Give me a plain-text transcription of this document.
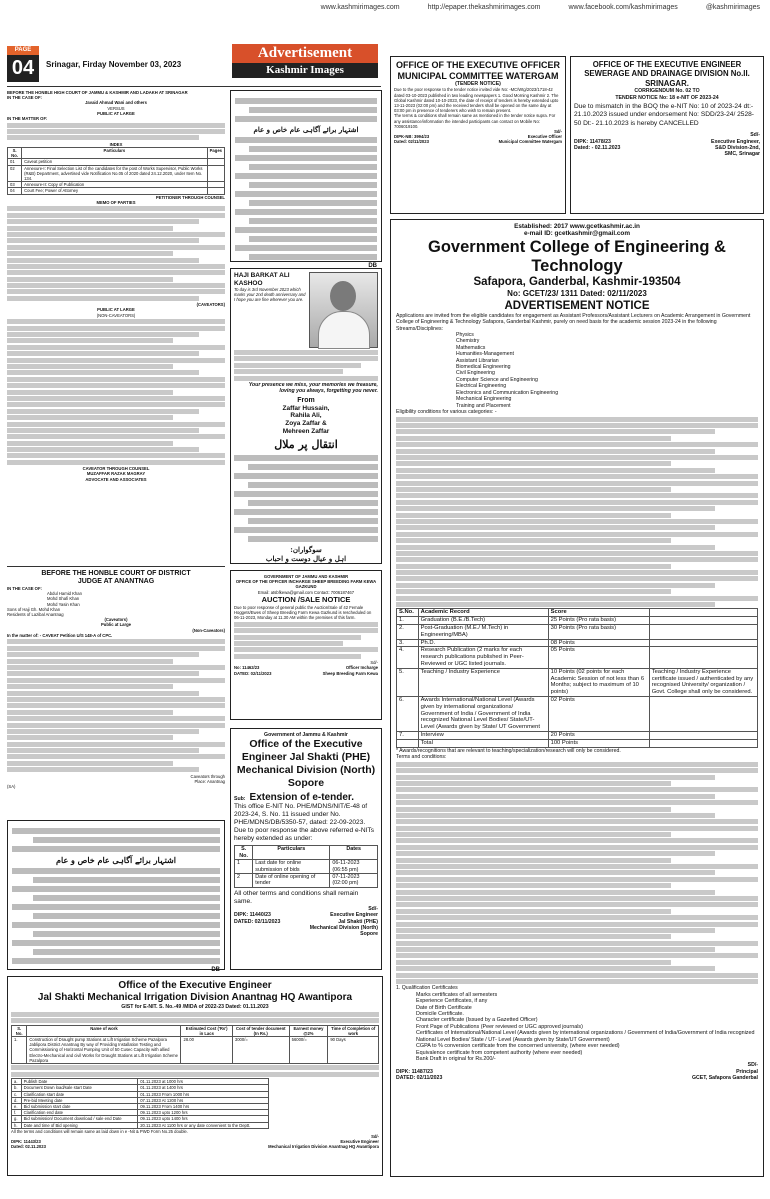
www.kashmirimages.com	http://epaper.thekashmirimages.com	www.facebook.com/kashmirimages	@kashmirimages
PAGE
04	Srinagar, Firday November 03, 2023
Advertisement
Kashmir Images
BEFORE THE HONBLE HIGH COURT OF JAMMU & KASHMIR AND LADAKH AT SRINAGAR
IN THE CASE OF:
Javaid Ahmad Wani and others
VERSUS
PUBLIC AT LARGE
IN THE MATTER OF:
INDEX
S. No.	Particulars	Pages
01	Caveat petition	
02	Annexure-I: Final Selection List of the candidates for the post of Works Supervisor, Public Works (R&B) Department, advertised vide Notification No.05 of 2020 dated 24.12.2020, under Item No. 134.	
03	Annexure-II: Copy of Publication	
04	Court Fee; Power of Attorney	
PETITIONER THROUGH COUNSEL
MEMO OF PARTIES
(CAVEATORS)
PUBLIC AT LARGE
(NON-CAVEATORS)
CAVEATOR THROUGH COUNSEL
MUZAFFAR RAZAK MAGRAY
ADVOCATE AND ASSOCIATES
BEFORE THE HONBLE COURT OF DISTRICT
JUDGE AT ANANTNAG
IN THE CASE OF:
Abdul Hamid Khan
Mohd Shafi Khan
Mohd Yasin Khan
Sons of Haji Gh. Mohd Khan
Residents of Lazibal Anantnag
(Caveators)
Public at Large
(Non-Caveators)
In the matter of: - CAVEAT Petition U/S 148-A of CPC.
Caveators through
Place: Anantnag
(SA)
اشتہار برائے آگاہی عام خاص و عام
DB
اشتہار برائے آگاہی عام خاص و عام
DB
HAJI BARKAT ALI KASHOO
To day is 3rd November 2023 which marks your 2nd death anniversary and I hope you are fine wherever you are.
Your presence we miss, your memories we treasure, loving you always, forgetting you never.
From
Zaffar Hussain,
Rahila Ali,
Zoya Zaffar &
Mehreen Zaffar
انتقال پر ملال
سوگواران:
اہل و عیال دوست و احباب
GOVERNMENT OF JAMMU AND KASHMIR
OFFICE OF THE OFFICER INCHARGE SHEEP BREEDING FARM KEWA GAZKUND
Email: atsbfkewa@gmail.com Contact: 7006187467
AUCTION /SALE NOTICE
Due to poor response of general public the Auction/Sale of 42 Female Hoggets/Ewes of Sheep Breeding Farm Kewa Gazkund is rescheduled on 06-11-2023, Monday at 11.30 AM within the premises of this farm.
Sd/-
No: 11462/23	Officer Incharge
DATED: 02/11/2023	Sheep Breeding Farm Kewa
Government of Jammu & Kashmir
Office of the Executive Engineer Jal Shakti (PHE) Mechanical Division (North) Sopore
Sub: Extension of e-tender.
This office E-NIT No. PHE/MDNS/NIT/E-48 of 2023-24, S. No. 11 issued under No. PHE/MDNS/DB/5350-57, dated: 22-09-2023.
Due to poor response the above referred e-NITs hereby extended as under:
S. No.	Particulars	Dates
1	Last date for online submission of bids	06-11-2023 (06:55 pm)
2	Date of online opening of tender	07-11-2023 (02:00 pm)
All other terms and conditions shall remain same.
Sd/-
DIPK: 11440/23	Executive Engineer
DATED: 02/11/2023	Jal Shakti (PHE)
Mechanical Division (North)
Sopore
Office of the Executive Engineer
Jal Shakti Mechanical Irrigation Division Anantnag HQ Awantipora
GIST for E-NIT. S. No.-49 /MIDA of 2022-23 Dated: 01.11.2023
S. No.	Name of work	Estimated Cost ('Rs') in Lacs	Cost of tender document (In Rs.)	Earnest money @2%	Time of Completion of work
1.	Construction of Draught pump Stations at Lift Irrigation Scheme Pazalpora Jablipora District Anantnag By way of Providing Installation Testing and Commissioning of Horizontal Pumping Unit of 50 Cusec Capacity with allied Electro-Mechanical and civil Works for Draught Stations at Lift Irrigation Scheme Pazalpora	28.00	3000/=	56000/=	90 Days
a.	Publish Date	01.11.2023 at 1000 hrs
b.	Document Down load/sale start Date	01.11.2023 at 1400 hrs
c.	Clarification start date	01.11.2023 From 1000 hrs
d.	Pre-bid Meeting date	07.11.2023 At 1200 hrs
e.	Bid submission start date	09.11.2023 From 1400 hrs
f.	Clarification end date	09.11.2023 upto 1200 hrs
g.	Bid submission/ Document download / sale end Date	09.11.2023 upto 1400 hrs
h.	Date and time of Bid opening	20.11.2023 At 1100 hrs or any date convenient to the Deptt.
All the terms and conditions will remain same as laid down in e -Nit & PWD Form No.25 double.
Sd/-
DIPK: 11443/23	Executive Engineer
Dated: 02.11.2023	Mechanical Irrigation Division Anantnag HQ Awantipora
OFFICE OF THE EXECUTIVE OFFICER MUNICIPAL COMMITTEE WATERGAM
(TENDER NOTICE)
Due to the poor response to the tender notice invited vide No: -MC/Wtg/2023/1718-42 dated 03-10-2023 published in two leading newspapers 1. Good Morning Kashmir 2. The Global Kashmir dated 10-10-2023, the date of receipt of tenders is hereby extended upto 13-11-2023 (02:00 pm) and the received tenders shall be opened on the same day at 03:00 pm in presence of tenderers who wish to remain present.
The terms & conditions shall remain same as mentioned in the tender notice supra. For any assistance/information the intended participants can contact on Mobile No: 7006019100.
Sd/-
DIPK-NB: 3994/23	Executive Officer
Dated: 02/11/2023	Municipal Committee Watergam
OFFICE OF THE EXECUTIVE ENGINEER SEWERAGE AND DRAINAGE DIVISION No.II. SRINAGAR.
CORRIGENDUM No. 02 TO
TENDER NOTICE No: 18 e-NIT OF 2023-24
Due to mismatch in the BOQ the e-NIT No: 10 of 2023-24 dt:- 21.10.2023 issued under endorsement No: SDD/23-24/ 2528-50 Dt:- 21.10.2023 is hereby CANCELLED
Sd/-
DIPK: 11478/23	Executive Engineer,
Dated: - 02.11.2023	S&D Division-2nd,
SMC, Srinagar
Established: 2017 www.gcetkashmir.ac.in
e-mail ID: gcetkashmir@gmail.com
Government College of Engineering & Technology
Safapora, Ganderbal, Kashmir-193504
No: GCET/23/ 1311 Dated: 02/11/2023
ADVERTISEMENT NOTICE
Applications are invited from the eligible candidates for engagement as Assistant Professors/Assistant Lecturers on Academic Arrangement in Government College of Engineering & Technology Safapora, Ganderbal Kashmir, purely on need basis for the academic session 2023-24 in the following Streams/Disciplines:
Physics
Chemistry
Mathematics
Humanities-Management
Assistant Librarian
Biomedical Engineering
Civil Engineering
Computer Science and Engineering
Electrical Engineering
Electronics and Communication Engineering
Mechanical Engineering
Training and Placement
Eligibility conditions for various categories: -
S.No.	Academic Record	Score	
1.	Graduation (B.E./B.Tech)	25 Points (Pro rata basis)	
2.	Post-Graduation (M.E./ M.Tech) in Engineering/MBA)	30 Points (Pro rata basis)	
3.	Ph.D.	08 Points	
4.	Research Publication (2 marks for each research publications published in Peer-Reviewed or UGC listed journals.	05 Points	
5.	Teaching / Industry Experience	10 Points (02 points for each Academic Session of not less than 6 Months; subject to maximum of 10 points)	Teaching / Industry Experience certificate issued / authenticated by any recognised University/ organization / Govt. College shall only be considered.
6.	Awards International/National Level (Awards given by international organizations/ Government of India / Government of India recognized National Level Bodies/ State/UT-Level (Awards given by State/ UT Government	02 Points	
7.	Interview	20 Points	
	Total	100 Points	
* Awards/recognitions that are relevant to teaching/specialization/research will only be considered.
Terms and conditions:
1. Qualification Certificates
Marks certificates of all semesters
Experience Certificates, if any
Date of Birth Certificate
Domicile Certificate.
Character certificate (Issued by a Gazetted Officer)
Front Page of Publications (Peer reviewed or UGC approved journals)
Certificates of International/National Level (Awards given by international organizations / Government of India/Government of India recognized National Level Bodies/ State / UT- Level (Awards given by State/UT Government)
CGPA to % conversion certificate from the concerned university, (where ever needed)
Equivalence certificate from competent authority (where ever needed)
Bank Draft in original for Rs.200/-
SD/-
DIPK: 11487/23	Principal
DATED: 02/11/2023	GCET, Safapora Ganderbal
